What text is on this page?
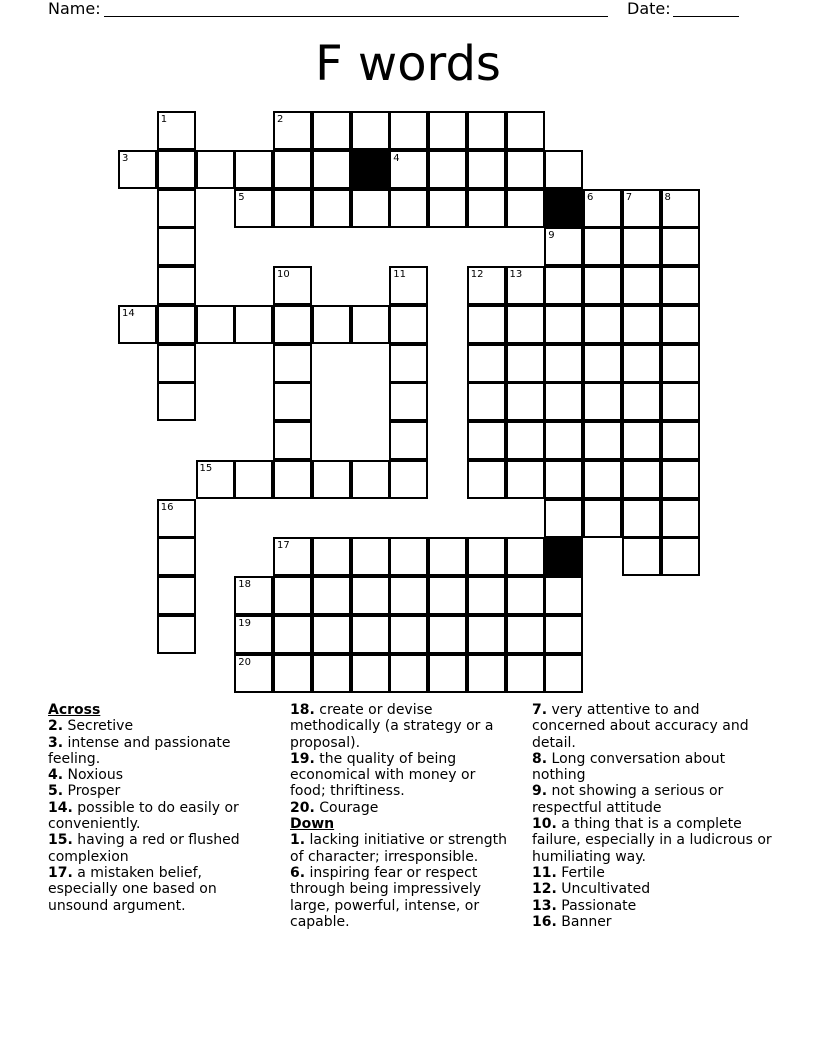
Name:	Date:
F words
2
3	4
5
14
15
17
18
19
20
1
6	7	8
9
10	11	12	13
16
Across
2. Secretive
3. intense and passionate feeling.
4. Noxious
5. Prosper
14. possible to do easily or conveniently.
15. having a red or flushed complexion
17. a mistaken belief, especially one based on unsound argument.
18. create or devise methodically (a strategy or a proposal).
19. the quality of being economical with money or food; thriftiness.
20. Courage
Down
1. lacking initiative or strength of character; irresponsible.
6. inspiring fear or respect through being impressively large, powerful, intense, or capable.
7. very attentive to and concerned about accuracy and detail.
8. Long conversation about nothing
9. not showing a serious or respectful attitude
10. a thing that is a complete failure, especially in a ludicrous or humiliating way.
11. Fertile
12. Uncultivated
13. Passionate
16. Banner
